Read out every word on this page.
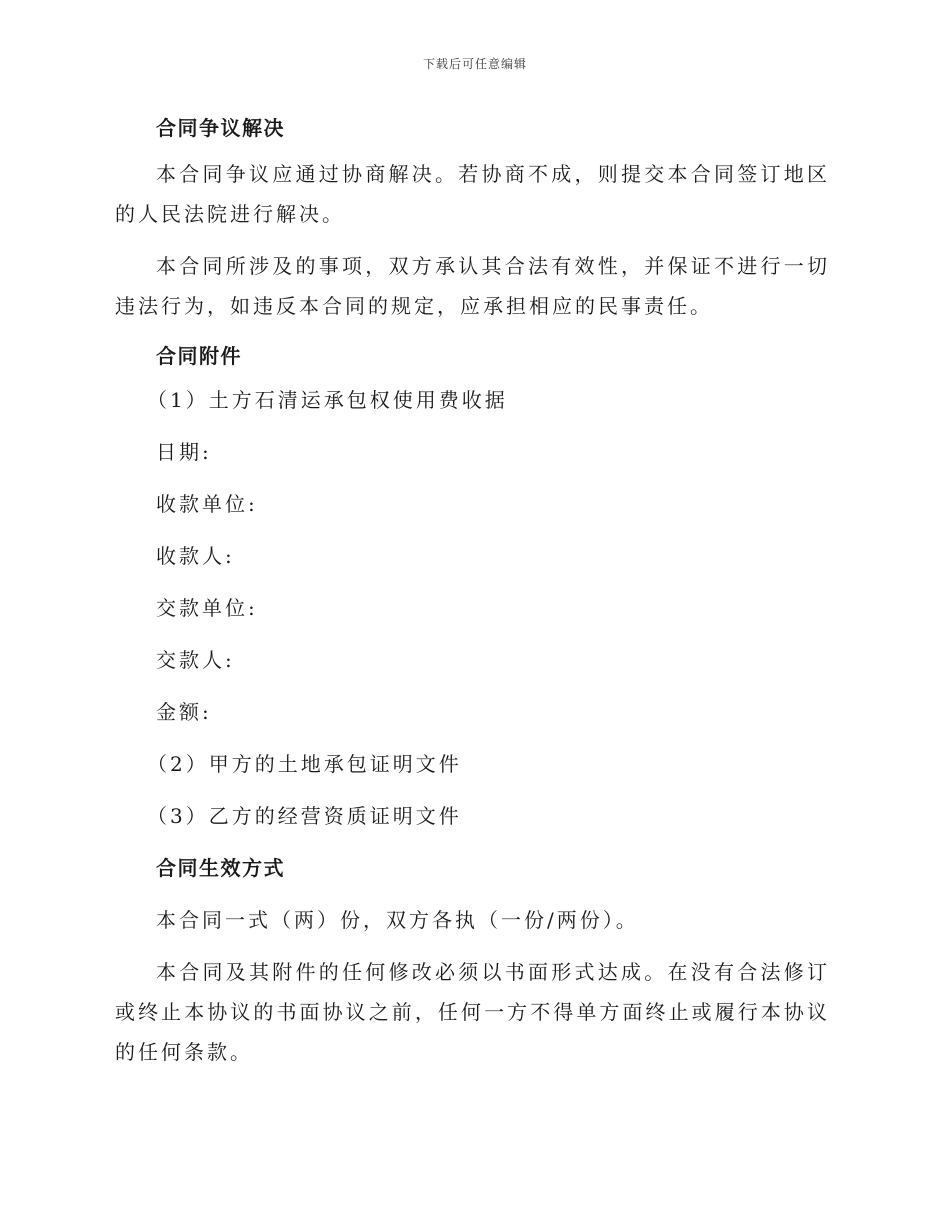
下载后可任意编辑
合同争议解决

本合同争议应通过协商解决。若协商不成，则提交本合同签订地区的人民法院进行解决。

本合同所涉及的事项，双方承认其合法有效性，并保证不进行一切违法行为，如违反本合同的规定，应承担相应的民事责任。

合同附件
（1）土方石清运承包权使用费收据
日期:
收款单位:
收款人:
交款单位:
交款人:
金额:
（2）甲方的土地承包证明文件
（3）乙方的经营资质证明文件
合同生效方式

本合同一式（两）份，双方各执（一份/两份）。

本合同及其附件的任何修改必须以书面形式达成。在没有合法修订或终止本协议的书面协议之前，任何一方不得单方面终止或履行本协议的任何条款。
